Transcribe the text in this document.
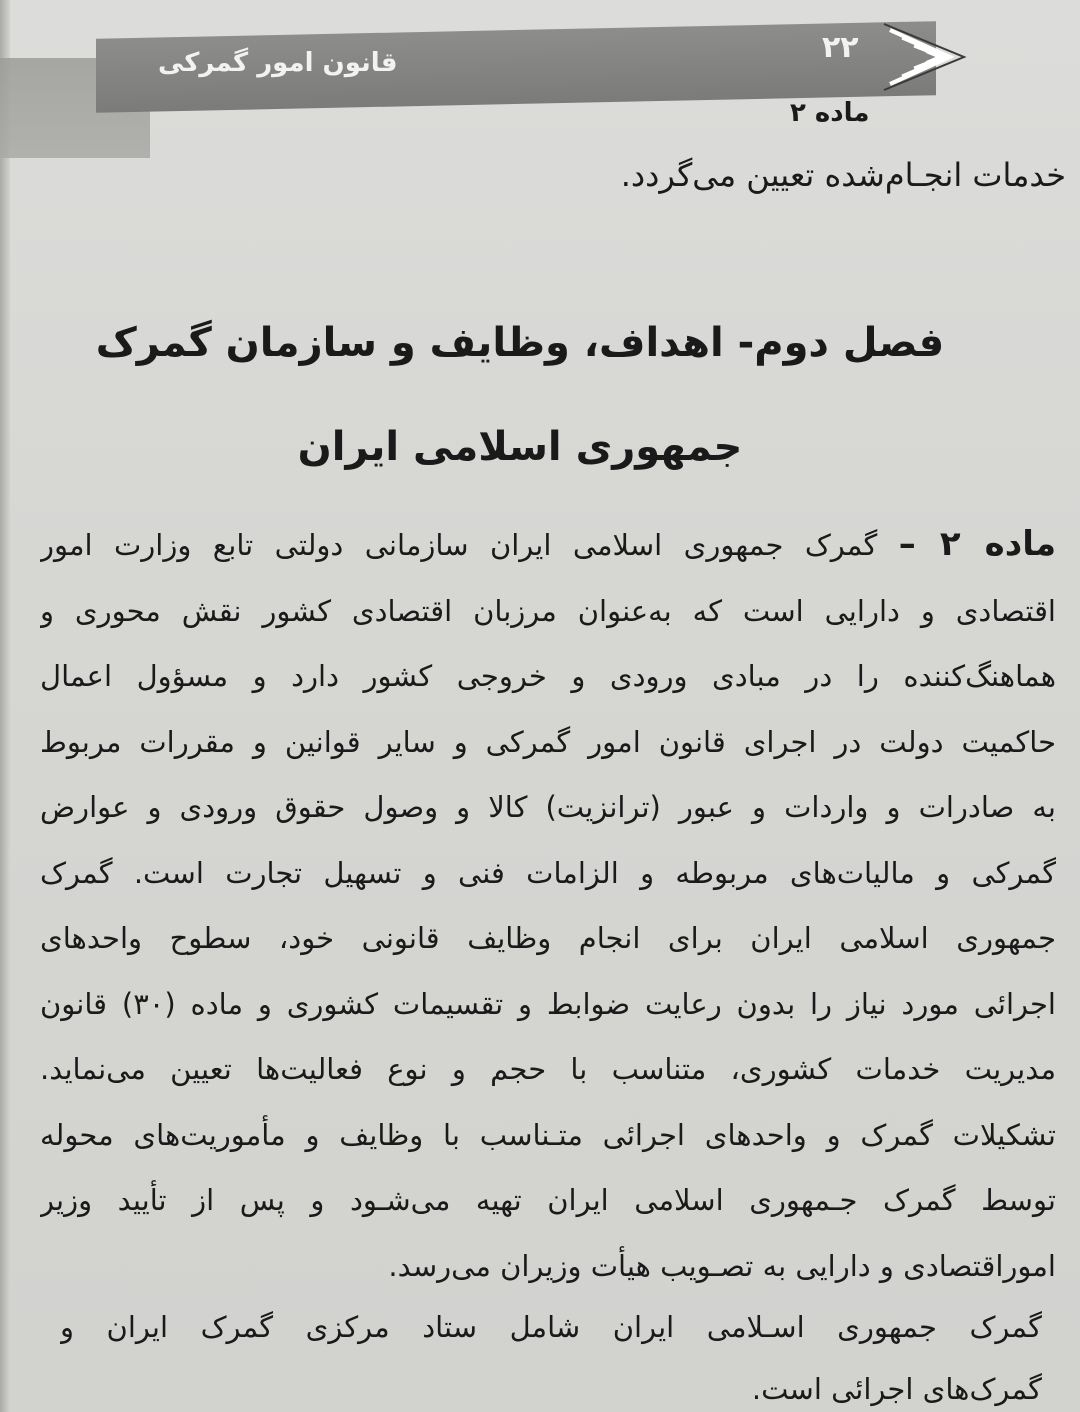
قانون امور گمرکی	۲۲
ماده ۲
خدمات انجـام‌شده تعیین می‌گردد.
فصل دوم- اهداف، وظایف و سازمان گمرک
جمهوری اسلامی ایران
ماده ۲ – گمرک جمهوری اسلامی ایران سازمانی دولتی تابع وزارت امور
اقتصادی و دارایی است که به‌عنوان مرزبان اقتصادی کشور نقش محوری و
هماهنگ‌کننده را در مبادی ورودی و خروجی کشور دارد و مسؤول اعمال
حاکمیت دولت در اجرای قانون امور گمرکی و سایر قوانین و مقررات مربوط
به صادرات و واردات و عبور (ترانزیت) کالا و وصول حقوق ورودی و عوارض
گمرکی و مالیات‌های مربوطه و الزامات فنی و تسهیل تجارت است. گمرک
جمهوری اسلامی ایران برای انجام وظایف قانونی خود، سطوح واحدهای
اجرائی مورد نیاز را بدون رعایت ضوابط و تقسیمات کشوری و ماده (۳۰) قانون
مدیریت خدمات کشوری، متناسب با حجم و نوع فعالیت‌ها تعیین می‌نماید.
تشکیلات گمرک و واحدهای اجرائی متـناسب با وظایف و مأموریت‌های محوله
توسط گمرک جـمهوری اسلامی ایران تهیه می‌شـود و پس از تأیید وزیر
اموراقتصادی و دارایی به تصـویب هیأت وزیران می‌رسد.
گمرک جمهوری اسـلامی ایران شامل ستاد مرکزی گمرک ایران و
گمرک‌های اجرائی است.
